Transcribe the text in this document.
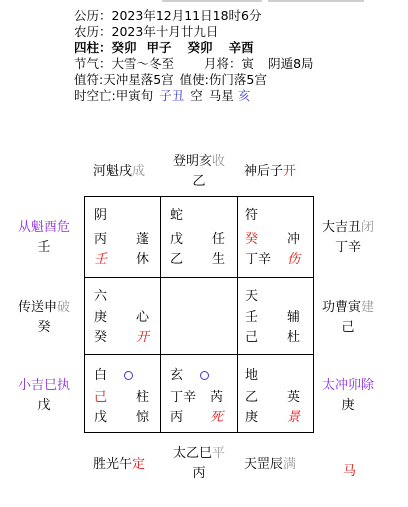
公历：2023年12月11日18时6分
农历：2023年十月廿九日
四柱：癸卯 甲子 癸卯 辛酉
节气：大雪～冬至 月将：寅 阴遁8局
值符:天冲星落5宫 值使:伤门落5宫
时空亡:甲寅旬 子丑 空 马星 亥
河魁戌成
登明亥收
乙
神后子开
从魁酉危
壬
传送申破
癸
小吉巳执
戊
大吉丑闭
丁辛
功曹寅建
己
太冲卯除
庚
胜光午定
太乙巳平
丙
天罡辰满	马
阴
丙 蓬
壬 休
蛇
戊 任
乙 生
符
癸 冲
丁辛 伤
六
庚 心
癸 开
天
壬 辅
己 杜
白
己 柱
戊 惊
玄
丁辛 芮
丙 死
地
乙 英
庚 景
